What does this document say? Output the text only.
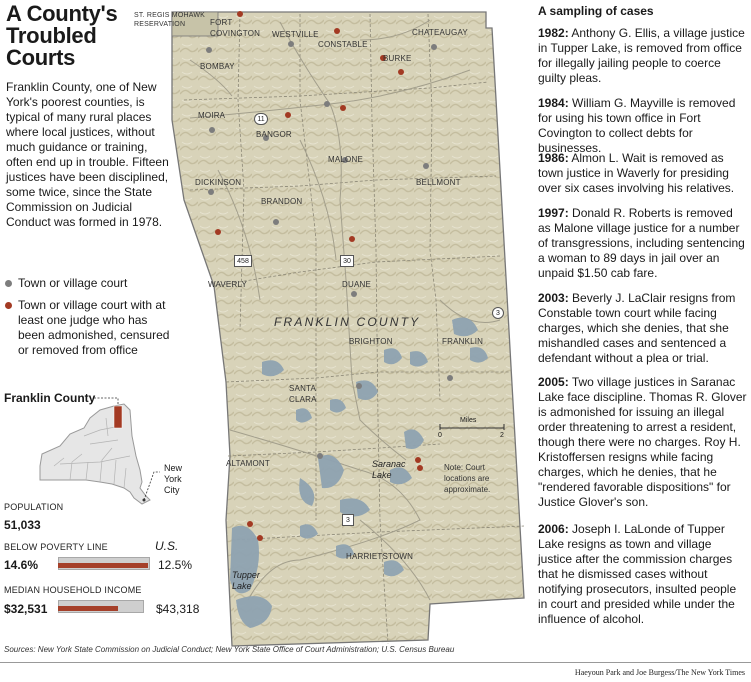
A County's Troubled Courts
Franklin County, one of New York's poorest counties, is typical of many rural places where local justices, without much guidance or training, often end up in trouble. Fifteen justices have been disciplined, some twice, since the State Commission on Judicial Conduct was formed in 1978.
Town or village court
Town or village court with at least one judge who has been admonished, censured or removed from office
Franklin County
New York City
POPULATION
51,033
BELOW POVERTY LINE	U.S.
14.6%	12.5%
MEDIAN HOUSEHOLD INCOME
$32,531	$43,318
Sources: New York State Commission on Judicial Conduct; New York State Office of Court Administration; U.S. Census Bureau
Haeyoun Park and Joe Burgess/The New York Times
ST. REGIS MOHAWK RESERVATION	FORT COVINGTON WESTVILLE
CONSTABLE
CHATEAUGAY
BOMBAY
BURKE
MOIRA
BANGOR
MALONE
DICKINSON
BRANDON
BELLMONT
WAVERLY	DUANE
BRIGHTON	FRANKLIN
SANTA CLARA
ALTAMONT	Saranac Lake
HARRIETSTOWN
Tupper Lake
FRANKLIN COUNTY
11
458	30
3
3
Miles
0	2
Note: Court locations are approximate.
A sampling of cases
1982: Anthony G. Ellis, a village justice in Tupper Lake, is removed from office for illegally jailing people to coerce guilty pleas.
1984: William G. Mayville is removed for using his town office in Fort Covington to collect debts for businesses.
1986: Almon L. Wait is removed as town justice in Waverly for presiding over six cases involving his relatives.
1997: Donald R. Roberts is removed as Malone village justice for a number of transgressions, including sentencing a woman to 89 days in jail over an unpaid $1.50 cab fare.
2003: Beverly J. LaClair resigns from Constable town court while facing charges, which she denies, that she mishandled cases and sentenced a defendant without a plea or trial.
2005: Two village justices in Saranac Lake face discipline. Thomas R. Glover is admonished for issuing an illegal order threatening to arrest a resident, though there were no charges. Roy H. Kristoffersen resigns while facing charges, which he denies, that he "rendered favorable dispositions" for Justice Glover's son.
2006: Joseph I. LaLonde of Tupper Lake resigns as town and village justice after the commission charges that he dismissed cases without notifying prosecutors, insulted people in court and presided while under the influence of alcohol.
